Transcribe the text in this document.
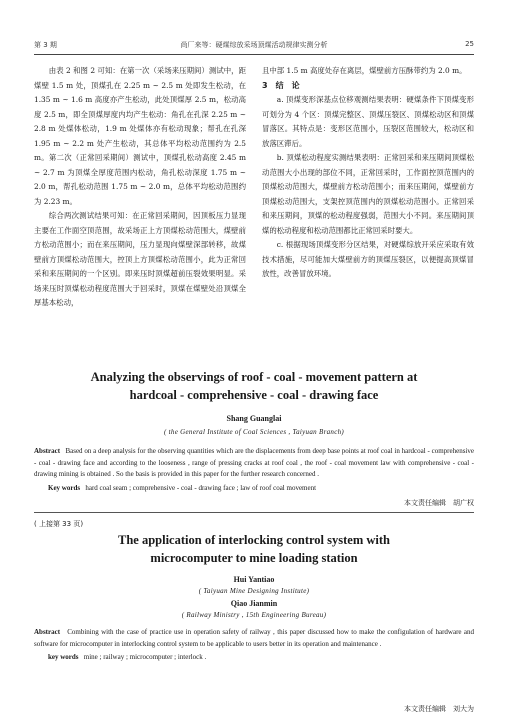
第 3 期	尚厂来等：硬煤综放采场顶煤活动规律实测分析	25

由表 2 和图 2 可知：在第一次（采场来压期间）测试中，距煤壁 1.5 m 处，顶煤孔在 2.25 m ~ 2.5 m 处即发生松动，在 1.35 m ~ 1.6 m 高度亦产生松动，此处顶煤厚 2.5 m，松动高度 2.5 m，即全顶煤厚度内均产生松动：角孔在孔深 2.25 m ~ 2.8 m 处煤体松动，1.9 m 处煤体亦有松动现象；帮孔在孔深 1.95 m ~ 2.2 m 处产生松动，其总体平均松动范围约为 2.5 m。第二次（正常回采期间）测试中，顶煤孔松动高度 2.45 m ~ 2.7 m 为顶煤全厚度范围内松动，角孔松动深度 1.75 m ~ 2.0 m，帮孔松动范围 1.75 m ~ 2.0 m，总体平均松动范围约为 2.23 m。

综合两次测试结果可知：在正常回采期间，因顶板压力显现主要在工作面空顶范围，故采场正上方顶煤松动范围大，煤壁前方松动范围小；而在来压期间，压力显现向煤壁深部转移，故煤壁前方顶煤松动范围大，控顶上方顶煤松动范围小，此为正常回采和来压期间的一个区别。即来压时顶煤超前压裂效果明显。采场来压时顶煤松动程度范围大于回采时，顶煤在煤壁处沿顶煤全厚基本松动，

且中部 1.5 m 高度处存在离层，煤壁前方压酥带约为 2.0 m。

3　结　论

a. 顶煤变形深基点位移观测结果表明：硬煤条件下顶煤变形可划分为 4 个区：顶煤完整区、顶煤压裂区、顶煤松动区和顶煤冒落区。其特点是：变形区范围小，压裂区范围较大，松动区和放落区滞后。

b. 顶煤松动程度实测结果表明：正常回采和来压期间顶煤松动范围大小出现的部位不同，正常回采时，工作面控顶范围内的顶煤松动范围大，煤壁前方松动范围小；而来压期间，煤壁前方顶煤松动范围大，支架控顶范围内的顶煤松动范围小。正常回采和来压期间，顶煤的松动程度强弱，范围大小不同。来压期间顶煤的松动程度和松动范围都比正常回采时要大。

c. 根据现场顶煤变形分区结果，对硬煤综放开采应采取有效技术措施，尽可能加大煤壁前方的顶煤压裂区，以便提高顶煤冒放性，改善冒放环境。

Analyzing the observings of roof - coal - movement pattern at
hardcoal - comprehensive - coal - drawing face
Shang Guanglai
( the General Institute of Coal Sciences , Taiyuan Branch)
Abstract Based on a deep analysis for the observing quantities which are the displacements from deep base points at roof coal in hardcoal - comprehensive - coal - drawing face and according to the looseness , range of pressing cracks at roof coal , the roof - coal movement law with comprehensive - coal - drawing mining is obtained . So the basis is provided in this paper for the further research concerned .
Key words hard coal seam ; comprehensive - coal - drawing face ; law of roof coal movement
本文责任编辑　胡广权
( 上接第 33 页)
The application of interlocking control system with
microcomputer to mine loading station
Hui Yantiao
( Taiyuan Mine Designing Institute)
Qiao Jianmin
( Railway Ministry , 15th Engineering Bureau)
Abstract Combining with the case of practice use in operation safety of railway , this paper discussed how to make the configulation of hardware and software for microcomputer in interlocking control system to be applicable to users better in its operation and maintenance .
key words mine ; railway ; microcomputer ; interlock .
本文责任编辑　刘大为
